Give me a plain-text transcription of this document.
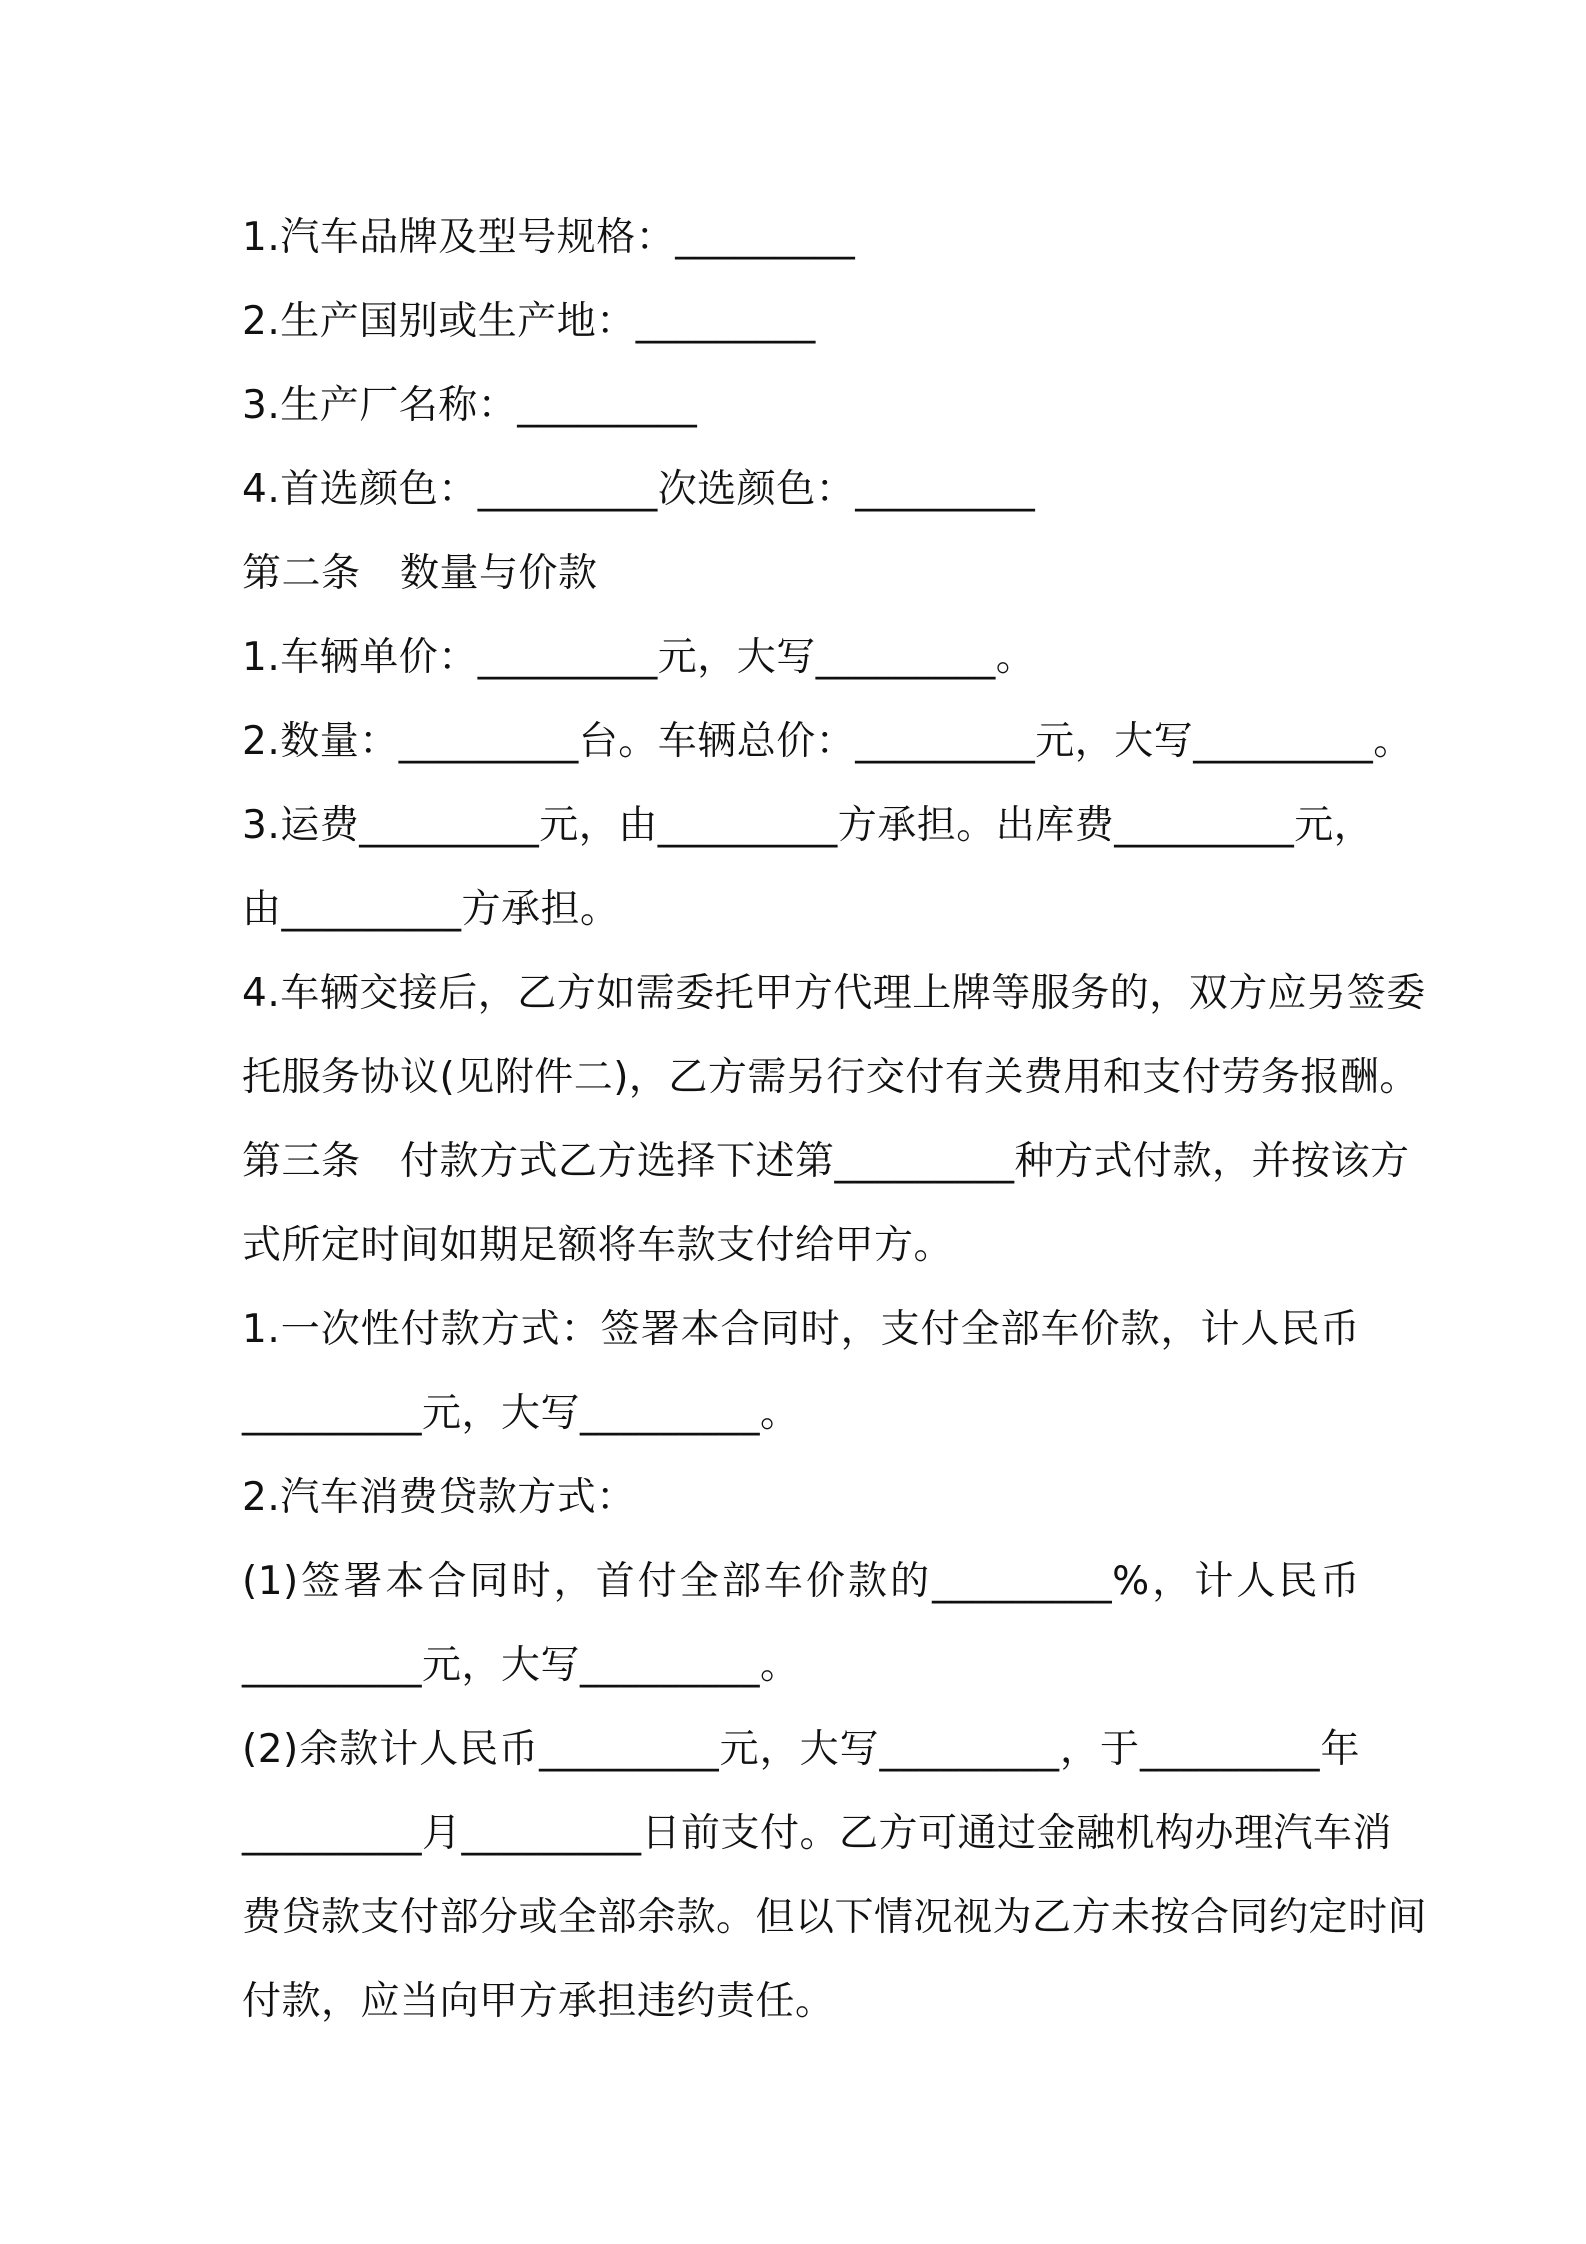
1.汽车品牌及型号规格：_________
2.生产国别或生产地：_________
3.生产厂名称：_________
4.首选颜色：_________次选颜色：_________
第二条　数量与价款
1.车辆单价：_________元，大写_________。
2.数量：_________台。车辆总价：_________元，大写_________。
3.运费_________元，由_________方承担。出库费_________元，
由_________方承担。
4.车辆交接后，乙方如需委托甲方代理上牌等服务的，双方应另签委
托服务协议(见附件二)，乙方需另行交付有关费用和支付劳务报酬。
第三条　付款方式乙方选择下述第_________种方式付款，并按该方
式所定时间如期足额将车款支付给甲方。
1.一次性付款方式：签署本合同时，支付全部车价款，计人民币
_________元，大写_________。
2.汽车消费贷款方式：
(1)签署本合同时，首付全部车价款的_________%，计人民币
_________元，大写_________。
(2)余款计人民币_________元，大写_________，于_________年
_________月_________日前支付。乙方可通过金融机构办理汽车消
费贷款支付部分或全部余款。但以下情况视为乙方未按合同约定时间
付款，应当向甲方承担违约责任。
